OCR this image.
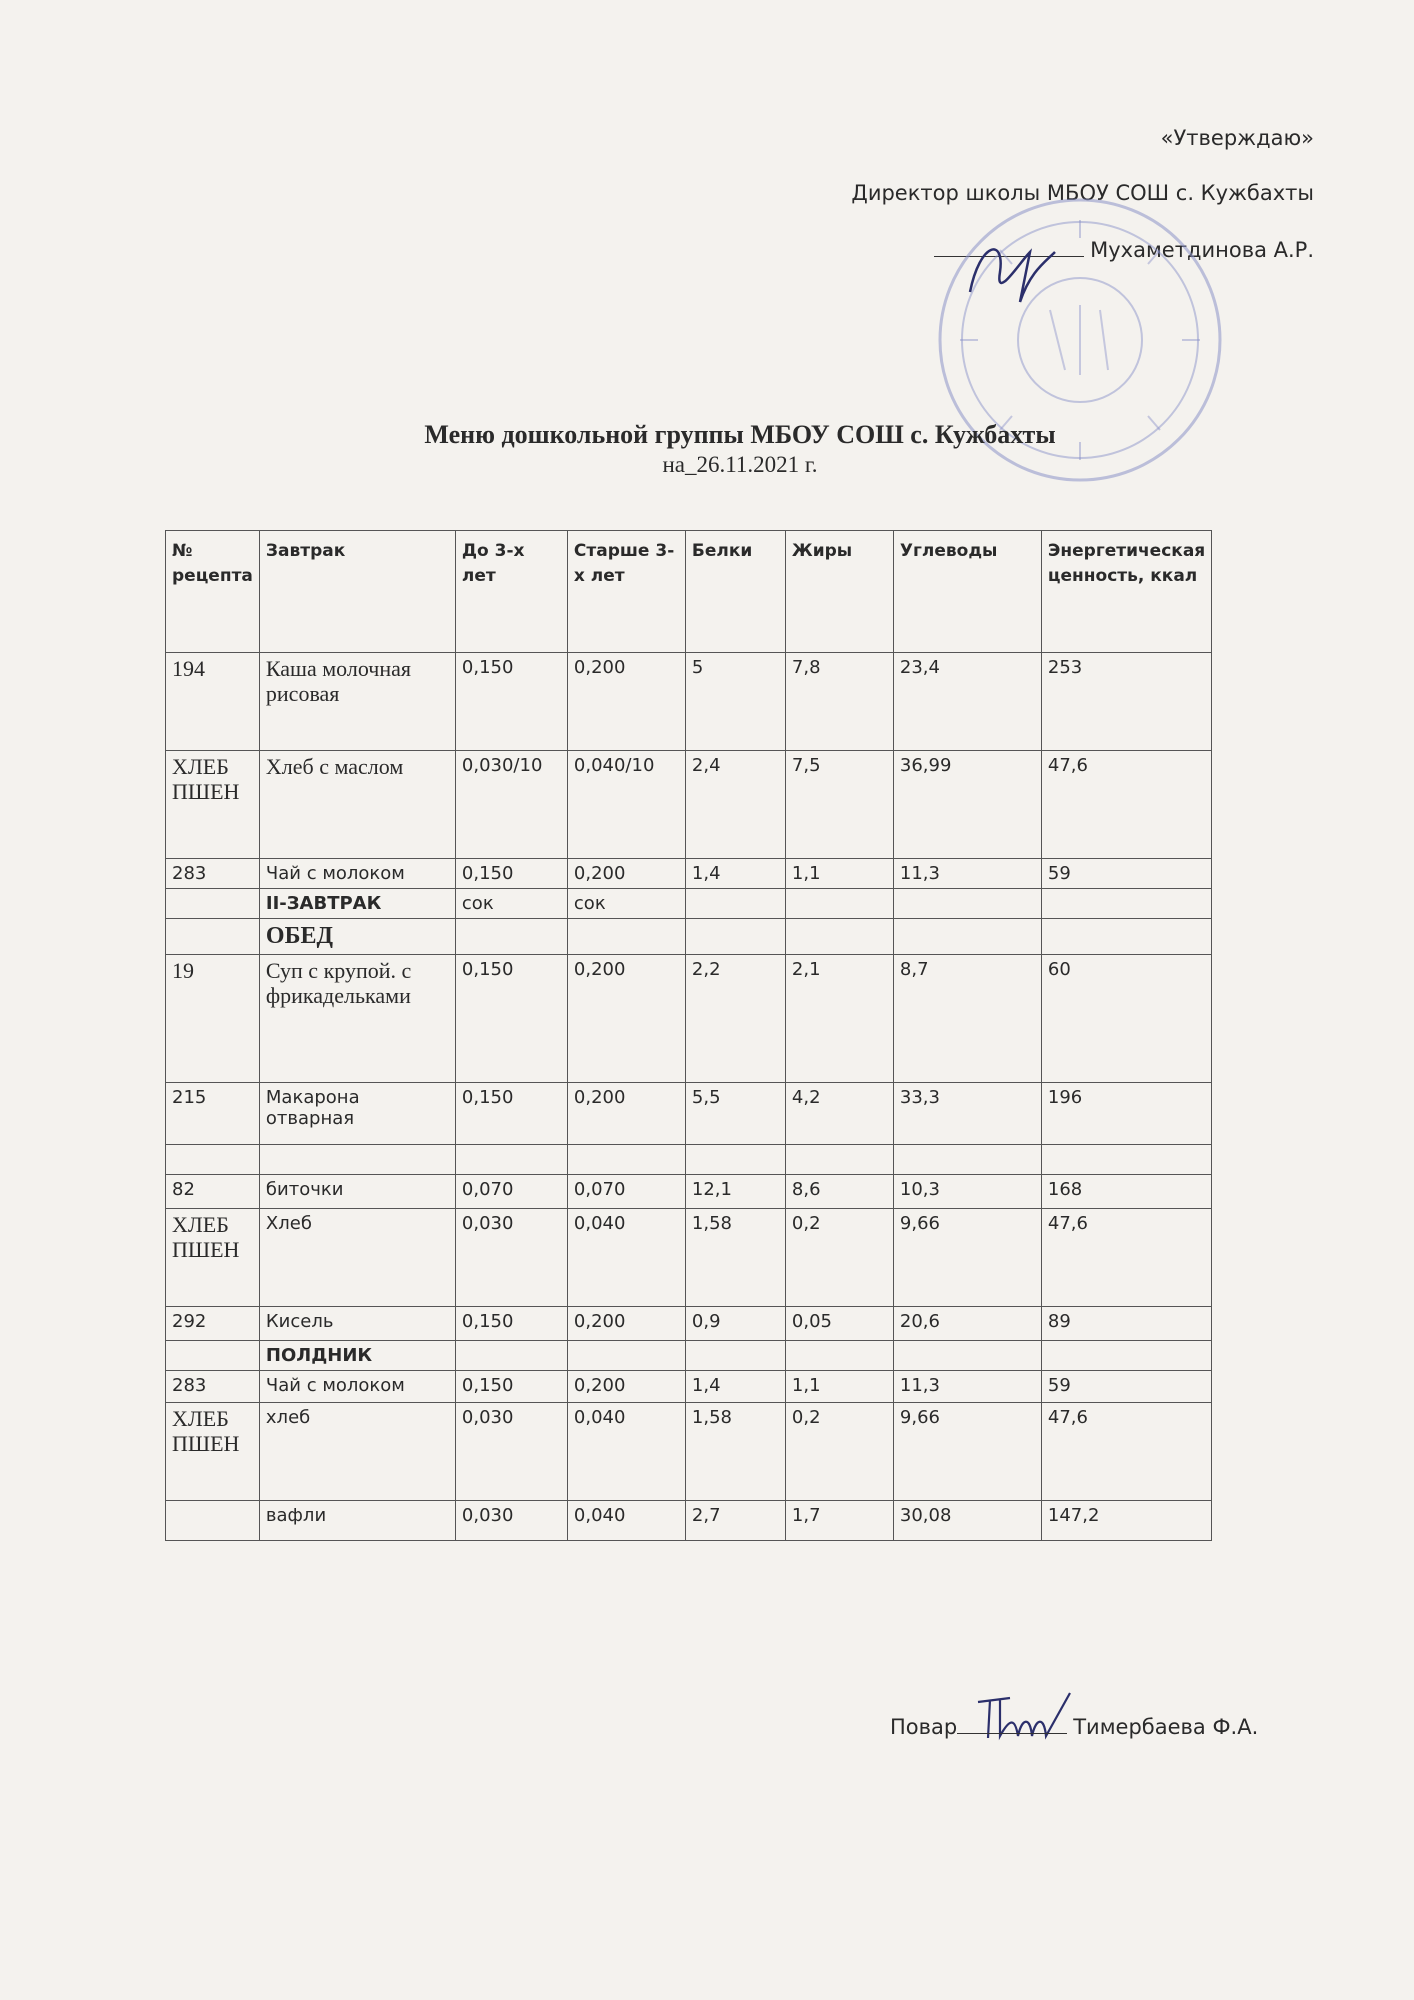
«Утверждаю»
Директор школы МБОУ СОШ с. Кужбахты
Мухаметдинова А.Р.
Меню дошкольной группы МБОУ СОШ с. Кужбахты
на_26.11.2021 г.
№ рецепта	Завтрак	До 3-х лет	Старше 3-х лет	Белки	Жиры	Углеводы	Энергетическая ценность, ккал
194	Каша молочная рисовая	0,150	0,200	5	7,8	23,4	253
ХЛЕБ ПШЕН	Хлеб с маслом	0,030/10	0,040/10	2,4	7,5	36,99	47,6
283	Чай с молоком	0,150	0,200	1,4	1,1	11,3	59
	II-ЗАВТРАК	сок	сок				
	ОБЕД						
19	Суп с крупой. с фрикадельками	0,150	0,200	2,2	2,1	8,7	60
215	Макарона отварная	0,150	0,200	5,5	4,2	33,3	196

82	биточки	0,070	0,070	12,1	8,6	10,3	168
ХЛЕБ ПШЕН	Хлеб	0,030	0,040	1,58	0,2	9,66	47,6
292	Кисель	0,150	0,200	0,9	0,05	20,6	89
	ПОЛДНИК						
283	Чай с молоком	0,150	0,200	1,4	1,1	11,3	59
ХЛЕБ ПШЕН	хлеб	0,030	0,040	1,58	0,2	9,66	47,6
	вафли	0,030	0,040	2,7	1,7	30,08	147,2
Повар	Тимербаева Ф.А.
